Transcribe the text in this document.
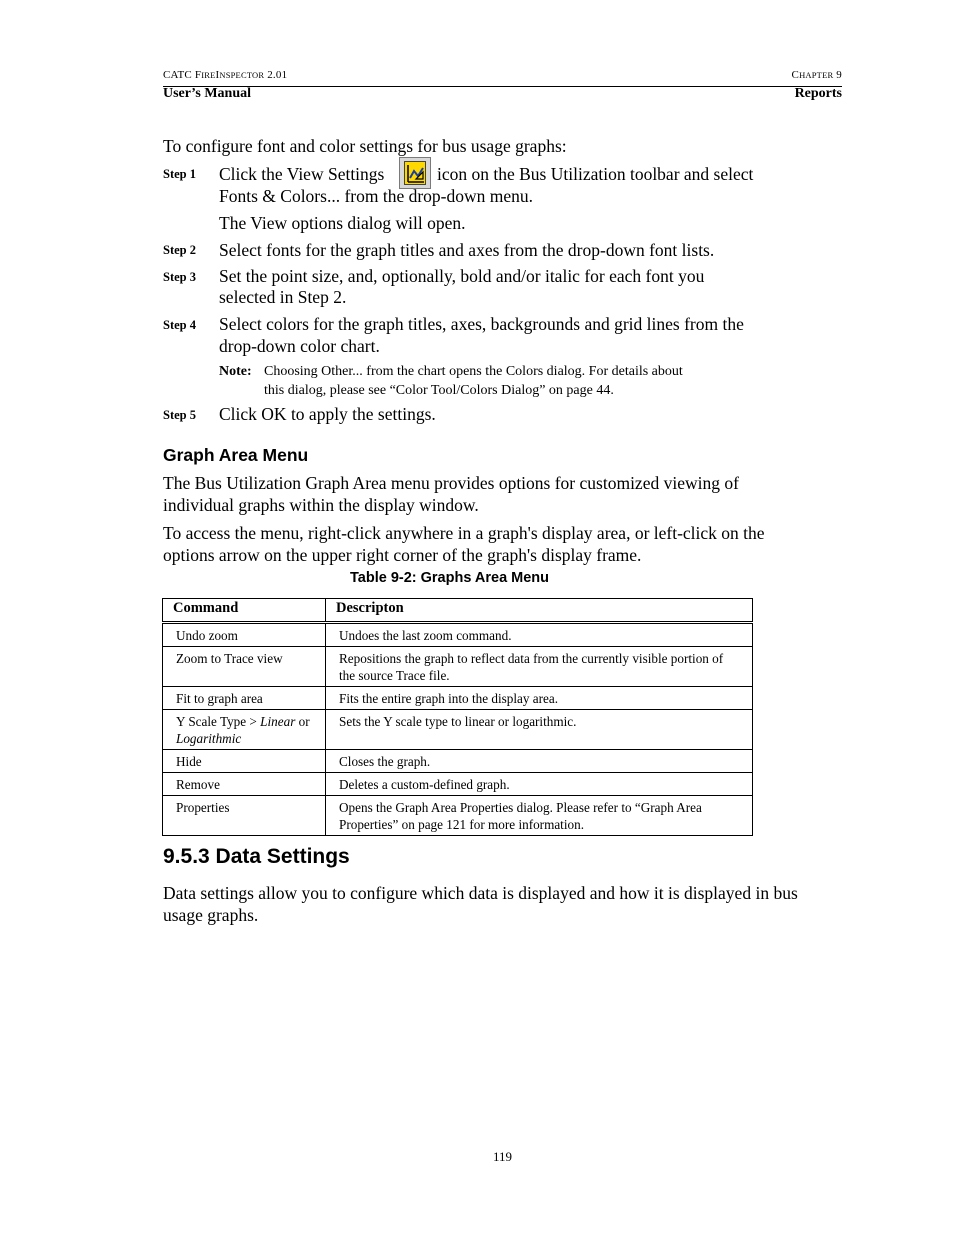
CATC FIREINSPECTOR 2.01	CHAPTER 9
User’s Manual	Reports
To configure font and color settings for bus usage graphs:
Step 1 Click the View Settings	icon on the Bus Utilization toolbar and select
Fonts & Colors... from the drop-down menu.
The View options dialog will open.
Step 2 Select fonts for the graph titles and axes from the drop-down font lists.
Step 3 Set the point size, and, optionally, bold and/or italic for each font you
selected in Step 2.
Step 4 Select colors for the graph titles, axes, backgrounds and grid lines from the
drop-down color chart.
Note: Choosing Other... from the chart opens the Colors dialog. For details about
this dialog, please see “Color Tool/Colors Dialog” on page 44.
Step 5 Click OK to apply the settings.
Graph Area Menu
The Bus Utilization Graph Area menu provides options for customized viewing of
individual graphs within the display window.
To access the menu, right-click anywhere in a graph's display area, or left-click on the
options arrow on the upper right corner of the graph's display frame.
Table 9-2: Graphs Area Menu
Command	Descripton
Undo zoom	Undoes the last zoom command.
Zoom to Trace view	Repositions the graph to reflect data from the currently visible portion of the source Trace file.
Fit to graph area	Fits the entire graph into the display area.
Y Scale Type > Linear or
Logarithmic	Sets the Y scale type to linear or logarithmic.
Hide	Closes the graph.
Remove	Deletes a custom-defined graph.
Properties	Opens the Graph Area Properties dialog. Please refer to “Graph Area Properties” on page 121 for more information.
9.5.3 Data Settings
Data settings allow you to configure which data is displayed and how it is displayed in bus
usage graphs.
119
